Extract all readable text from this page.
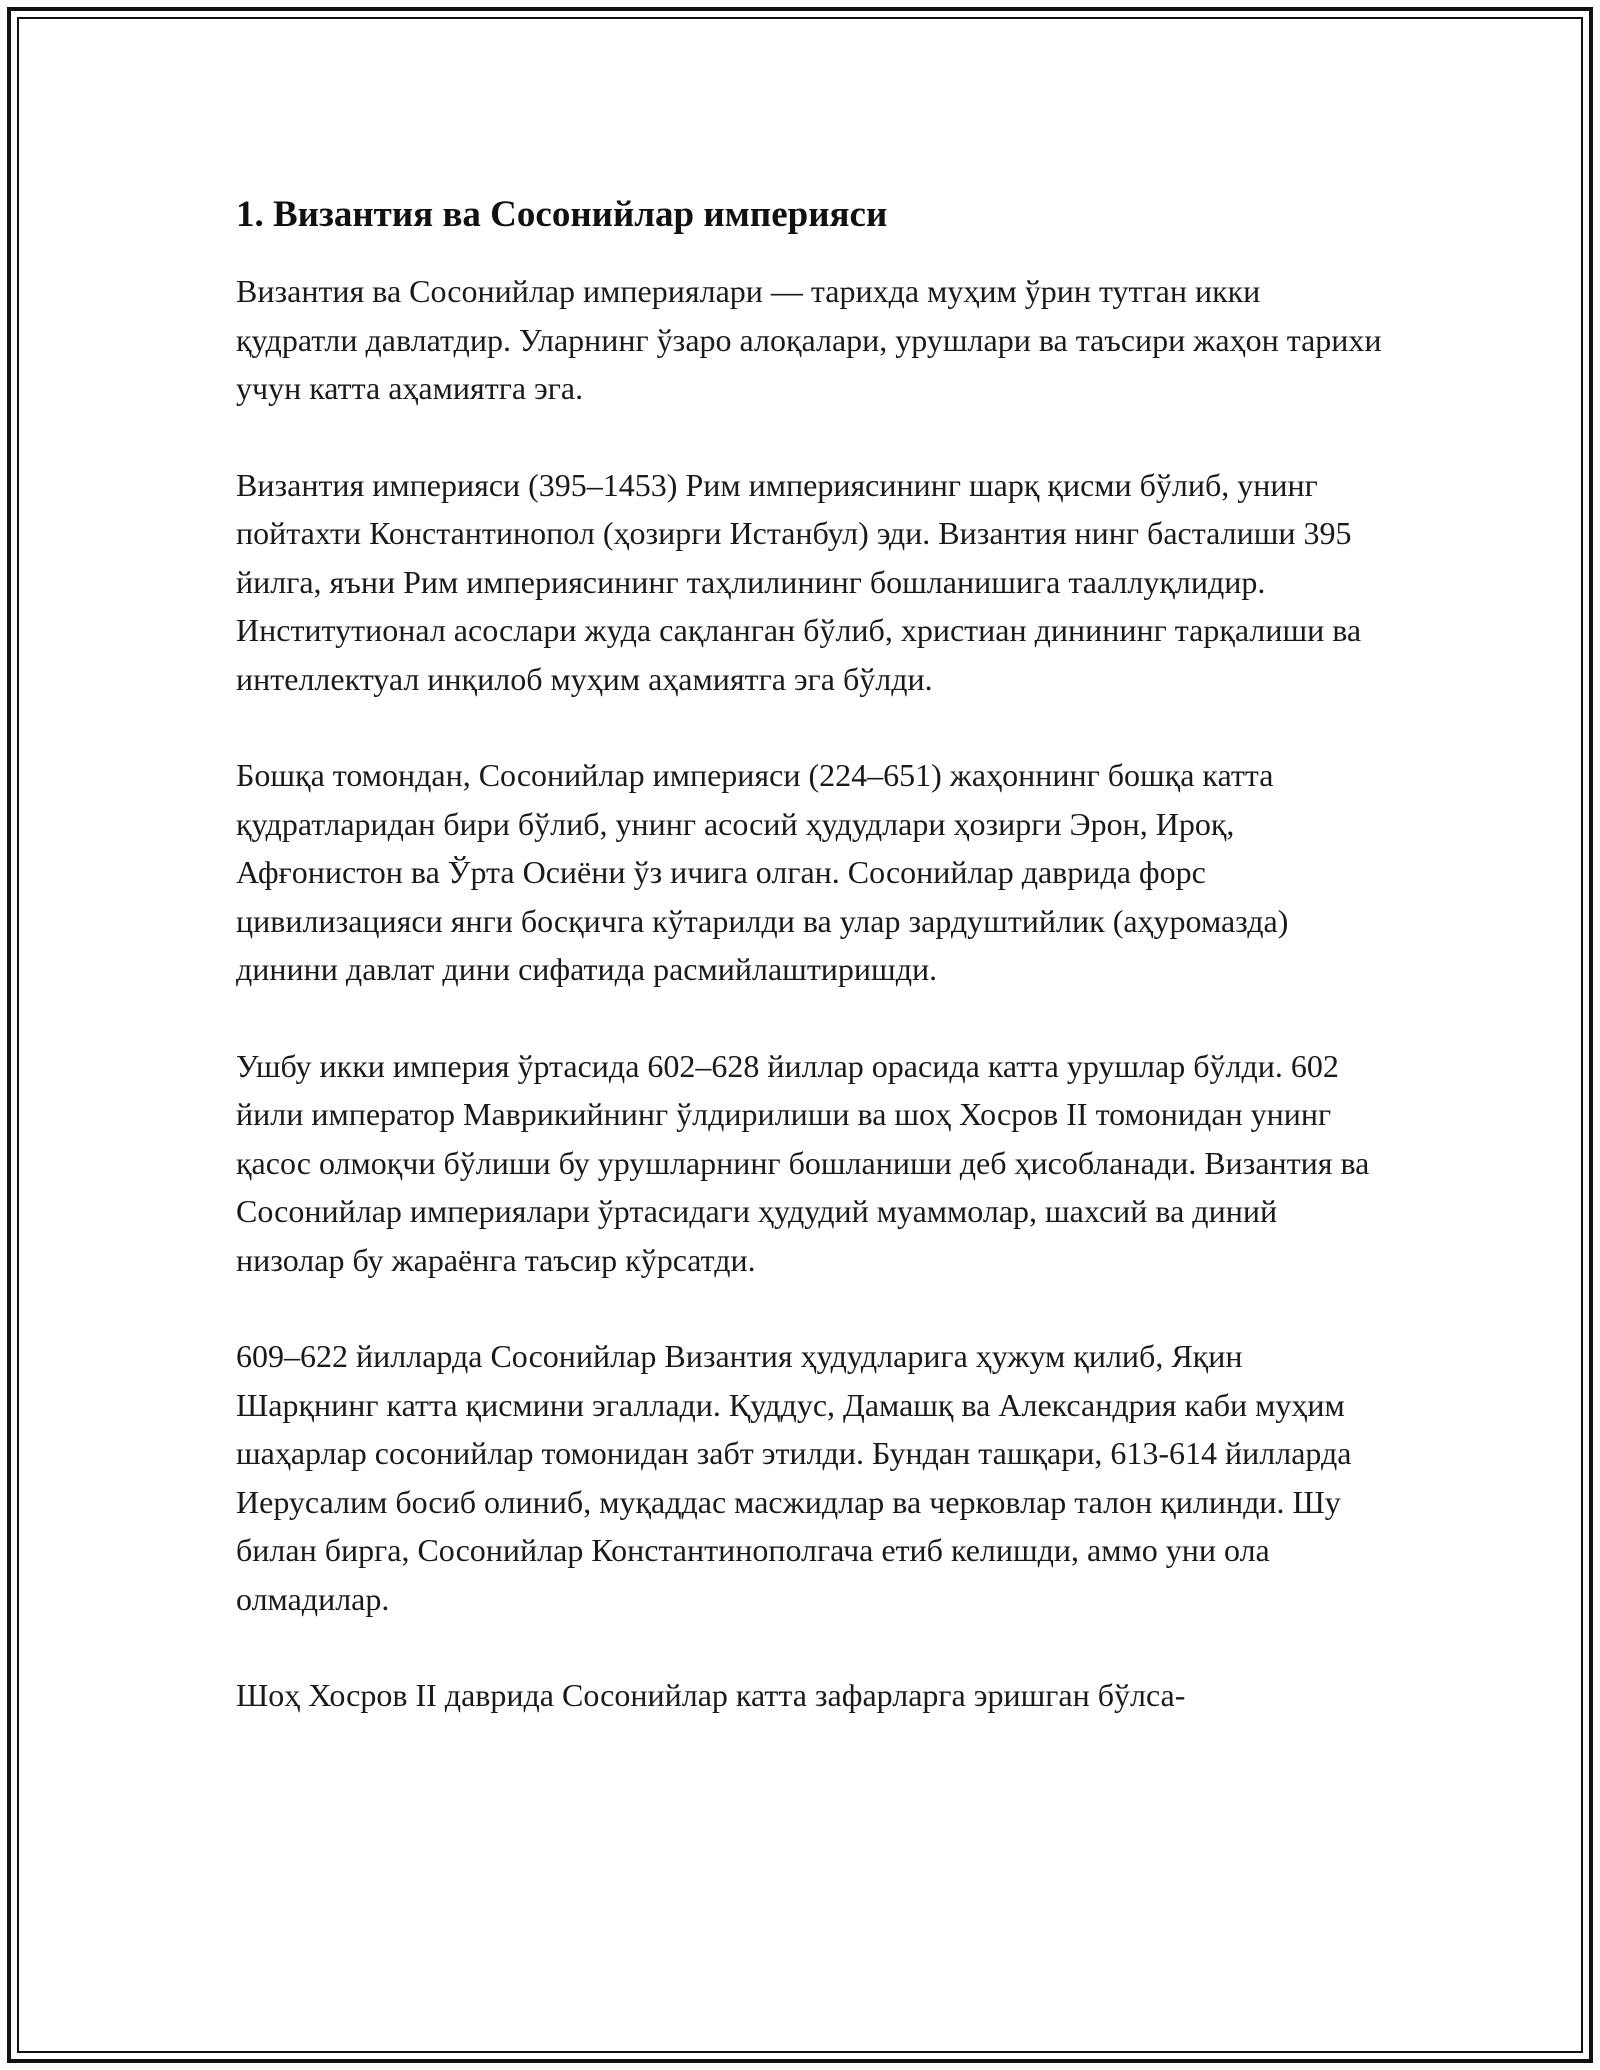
1. Византия ва Сосонийлар империяси

Византия ва Сосонийлар империялари — тарихда муҳим ўрин тутган икки қудратли давлатдир. Уларнинг ўзаро алоқалари, урушлари ва таъсири жаҳон тарихи учун катта аҳамиятга эга.

Византия империяси (395–1453) Рим империясининг шарқ қисми бўлиб, унинг пойтахти Константинопол (ҳозирги Истанбул) эди. Византия нинг басталиши 395 йилга, яъни Рим империясининг таҳлилининг бошланишига тааллуқлидир. Институтионал асослари жуда сақланган бўлиб, христиан динининг тарқалиши ва интеллектуал инқилоб муҳим аҳамиятга эга бўлди.

Бошқа томондан, Сосонийлар империяси (224–651) жаҳоннинг бошқа катта қудратларидан бири бўлиб, унинг асосий ҳудудлари ҳозирги Эрон, Ироқ, Афғонистон ва Ўрта Осиёни ўз ичига олган. Сосонийлар даврида форс цивилизацияси янги босқичга кўтарилди ва улар зардуштийлик (аҳуромазда) динини давлат дини сифатида расмийлаштиришди.

Ушбу икки империя ўртасида 602–628 йиллар орасида катта урушлар бўлди. 602 йили император Маврикийнинг ўлдирилиши ва шоҳ Хосров II томонидан унинг қасос олмоқчи бўлиши бу урушларнинг бошланиши деб ҳисобланади. Византия ва Сосонийлар империялари ўртасидаги ҳудудий муаммолар, шахсий ва диний низолар бу жараёнга таъсир кўрсатди.

609–622 йилларда Сосонийлар Византия ҳудудларига ҳужум қилиб, Яқин Шарқнинг катта қисмини эгаллади. Қуддус, Дамашқ ва Александрия каби муҳим шаҳарлар сосонийлар томонидан забт этилди. Бундан ташқари, 613-614 йилларда Иерусалим босиб олиниб, муқаддас масжидлар ва черковлар талон қилинди. Шу билан бирга, Сосонийлар Константинополгача етиб келишди, аммо уни ола олмадилар.

Шоҳ Хосров II даврида Сосонийлар катта зафарларга эришган бўлса-
